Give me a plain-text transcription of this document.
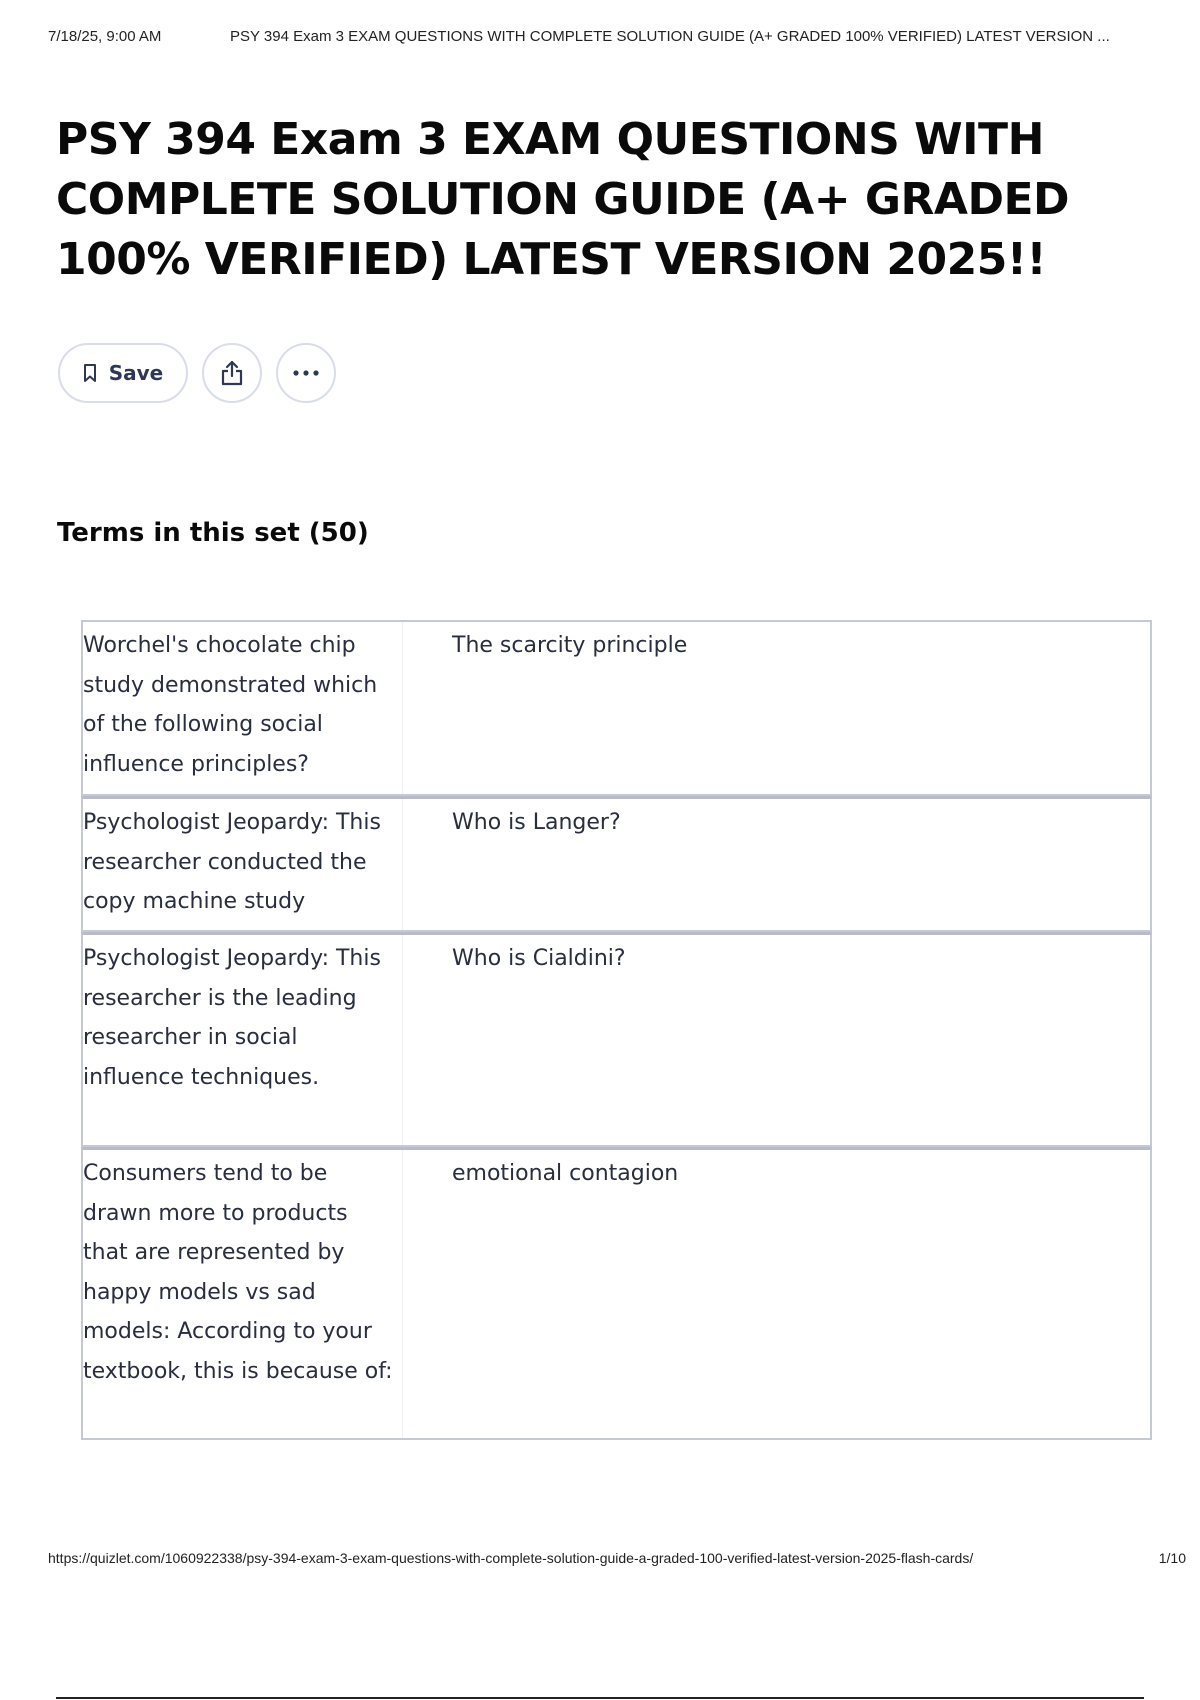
7/18/25, 9:00 AM	PSY 394 Exam 3 EXAM QUESTIONS WITH COMPLETE SOLUTION GUIDE (A+ GRADED 100% VERIFIED) LATEST VERSION ...
PSY 394 Exam 3 EXAM QUESTIONS WITH COMPLETE SOLUTION GUIDE (A+ GRADED 100% VERIFIED) LATEST VERSION 2025!!
Save
Terms in this set (50)
Worchel's chocolate chip study demonstrated which of the following social influence principles?
The scarcity principle
Psychologist Jeopardy: This researcher conducted the copy machine study
Who is Langer?
Psychologist Jeopardy: This researcher is the leading researcher in social influence techniques.
Who is Cialdini?
Consumers tend to be drawn more to products that are represented by happy models vs sad models: According to your textbook, this is because of:
emotional contagion
https://quizlet.com/1060922338/psy-394-exam-3-exam-questions-with-complete-solution-guide-a-graded-100-verified-latest-version-2025-flash-cards/	1/10
